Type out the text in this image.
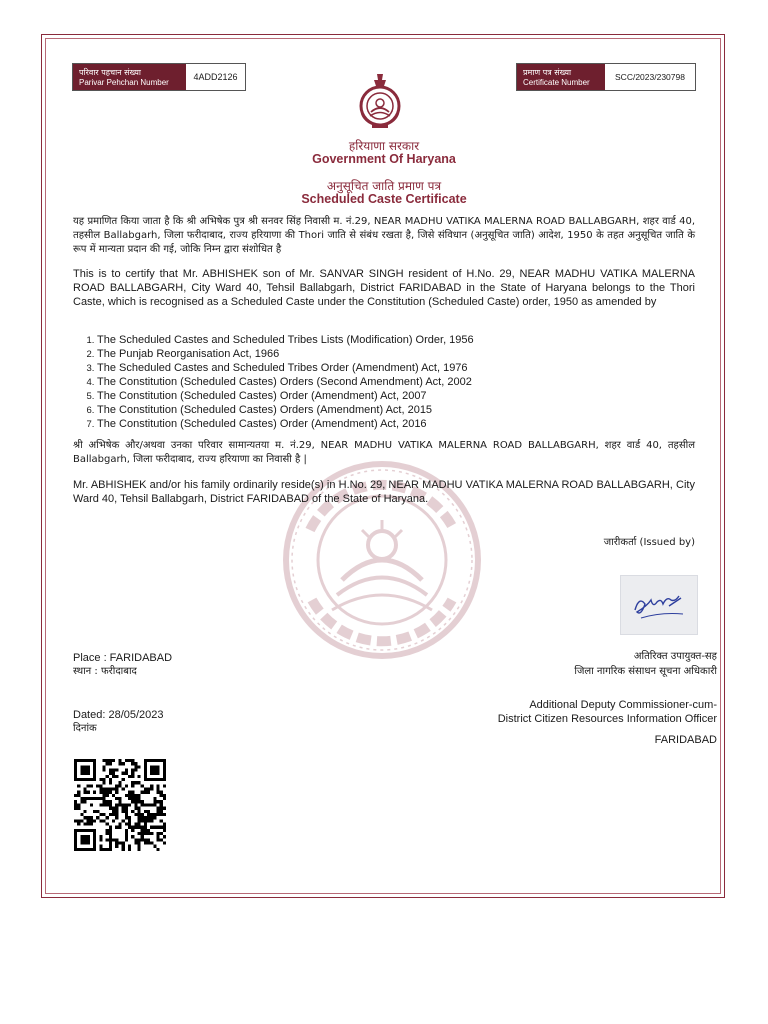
परिवार पहचान संख्या
Parivar Pehchan Number
4ADD2126	प्रमाण पत्र संख्या
Certificate Number
SCC/2023/230798
हरियाणा सरकार
Government Of Haryana
अनुसूचित जाति प्रमाण पत्र
Scheduled Caste Certificate
यह प्रमाणित किया जाता है कि श्री अभिषेक पुत्र श्री सनवर सिंह निवासी म. नं.29, NEAR MADHU VATIKA MALERNA ROAD BALLABGARH, शहर वार्ड 40, तहसील Ballabgarh, जिला फरीदाबाद, राज्य हरियाणा की Thori जाति से संबंध रखता है, जिसे संविधान (अनुसूचित जाति) आदेश, 1950 के तहत अनुसूचित जाति के रूप में मान्यता प्रदान की गई, जोकि निम्न द्वारा संशोधित है
This is to certify that Mr. ABHISHEK son of Mr. SANVAR SINGH resident of H.No. 29, NEAR MADHU VATIKA MALERNA ROAD BALLABGARH, City Ward 40, Tehsil Ballabgarh, District FARIDABAD in the State of Haryana belongs to the Thori Caste, which is recognised as a Scheduled Caste under the Constitution (Scheduled Caste) order, 1950 as amended by
1. The Scheduled Castes and Scheduled Tribes Lists (Modification) Order, 1956
2. The Punjab Reorganisation Act, 1966
3. The Scheduled Castes and Scheduled Tribes Order (Amendment) Act, 1976
4. The Constitution (Scheduled Castes) Orders (Second Amendment) Act, 2002
5. The Constitution (Scheduled Castes) Order (Amendment) Act, 2007
6. The Constitution (Scheduled Castes) Orders (Amendment) Act, 2015
7. The Constitution (Scheduled Castes) Order (Amendment) Act, 2016
श्री अभिषेक और/अथवा उनका परिवार सामान्यतया म. नं.29, NEAR MADHU VATIKA MALERNA ROAD BALLABGARH, शहर वार्ड 40, तहसील Ballabgarh, जिला फरीदाबाद, राज्य हरियाणा का निवासी है |
Mr. ABHISHEK and/or his family ordinarily reside(s) in H.No. 29, NEAR MADHU VATIKA MALERNA ROAD BALLABGARH, City Ward 40, Tehsil Ballabgarh, District FARIDABAD of the State of Haryana.
जारीकर्ता (Issued by)
Place : FARIDABAD
स्थान : फरीदाबाद
अतिरिक्त उपायुक्त-सह
जिला नागरिक संसाधन सूचना अधिकारी
Additional Deputy Commissioner-cum-
District Citizen Resources Information Officer
Dated: 28/05/2023
दिनांक
FARIDABAD
